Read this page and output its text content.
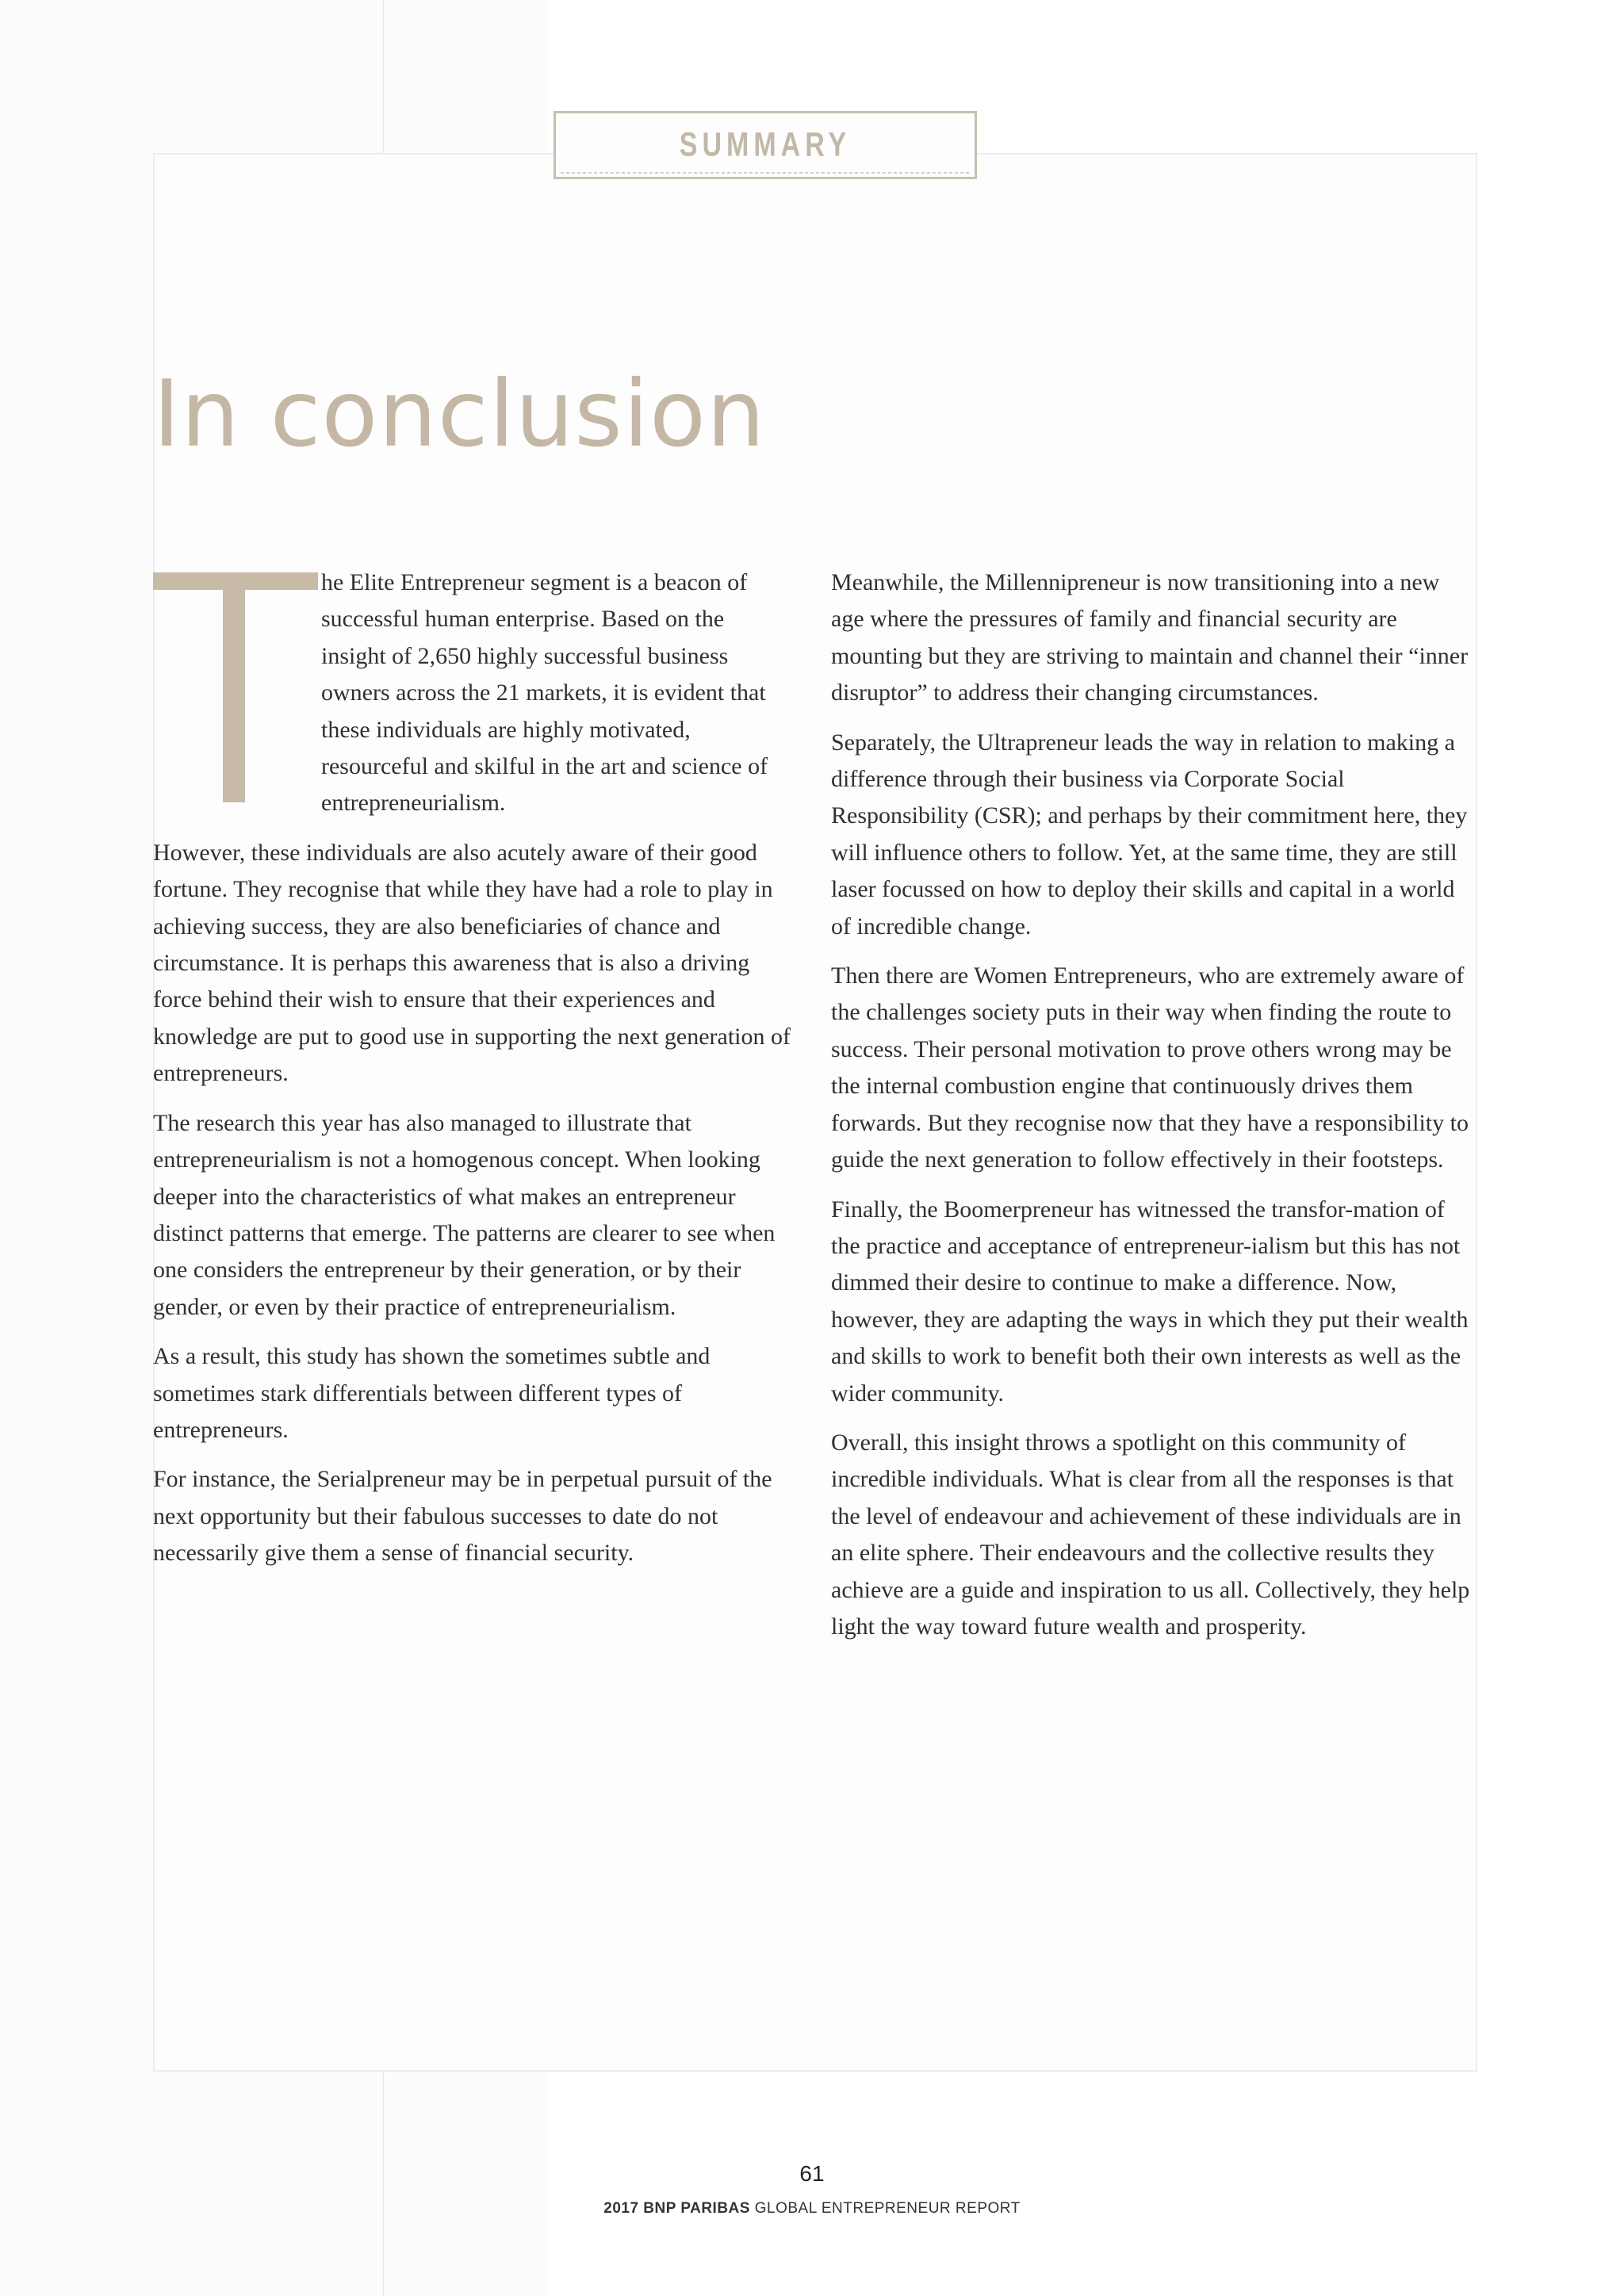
SUMMARY
In conclusion

he Elite Entrepreneur segment is a beacon of successful human enterprise. Based on the insight of 2,650 highly successful business owners across the 21 markets, it is evident that these individuals are highly motivated, resourceful and skilful in the art and science of entrepreneurialism.

However, these individuals are also acutely aware of their good fortune. They recognise that while they have had a role to play in achieving success, they are also beneficiaries of chance and circumstance. It is perhaps this awareness that is also a driving force behind their wish to ensure that their experiences and knowledge are put to good use in supporting the next generation of entrepreneurs.

The research this year has also managed to illustrate that entrepreneurialism is not a homogenous concept. When looking deeper into the characteristics of what makes an entrepreneur distinct patterns that emerge. The patterns are clearer to see when one considers the entrepreneur by their generation, or by their gender, or even by their practice of entrepreneurialism.

As a result, this study has shown the sometimes subtle and sometimes stark differentials between different types of entrepreneurs.

For instance, the Serialpreneur may be in perpetual pursuit of the next opportunity but their fabulous successes to date do not necessarily give them a sense of financial security.

Meanwhile, the Millennipreneur is now transitioning into a new age where the pressures of family and financial security are mounting but they are striving to maintain and channel their “inner disruptor” to address their changing circumstances.

Separately, the Ultrapreneur leads the way in relation to making a difference through their business via Corporate Social Responsibility (CSR); and perhaps by their commitment here, they will influence others to follow. Yet, at the same time, they are still laser focussed on how to deploy their skills and capital in a world of incredible change.

Then there are Women Entrepreneurs, who are extremely aware of the challenges society puts in their way when finding the route to success. Their personal motivation to prove others wrong may be the internal combustion engine that continuously drives them forwards. But they recognise now that they have a responsibility to guide the next generation to follow effectively in their footsteps.

Finally, the Boomerpreneur has witnessed the transfor-mation of the practice and acceptance of entrepreneur-ialism but this has not dimmed their desire to continue to make a difference. Now, however, they are adapting the ways in which they put their wealth and skills to work to benefit both their own interests as well as the wider community.

Overall, this insight throws a spotlight on this community of incredible individuals. What is clear from all the responses is that the level of endeavour and achievement of these individuals are in an elite sphere. Their endeavours and the collective results they achieve are a guide and inspiration to us all. Collectively, they help light the way toward future wealth and prosperity.

61
2017 BNP PARIBAS GLOBAL ENTREPRENEUR REPORT
